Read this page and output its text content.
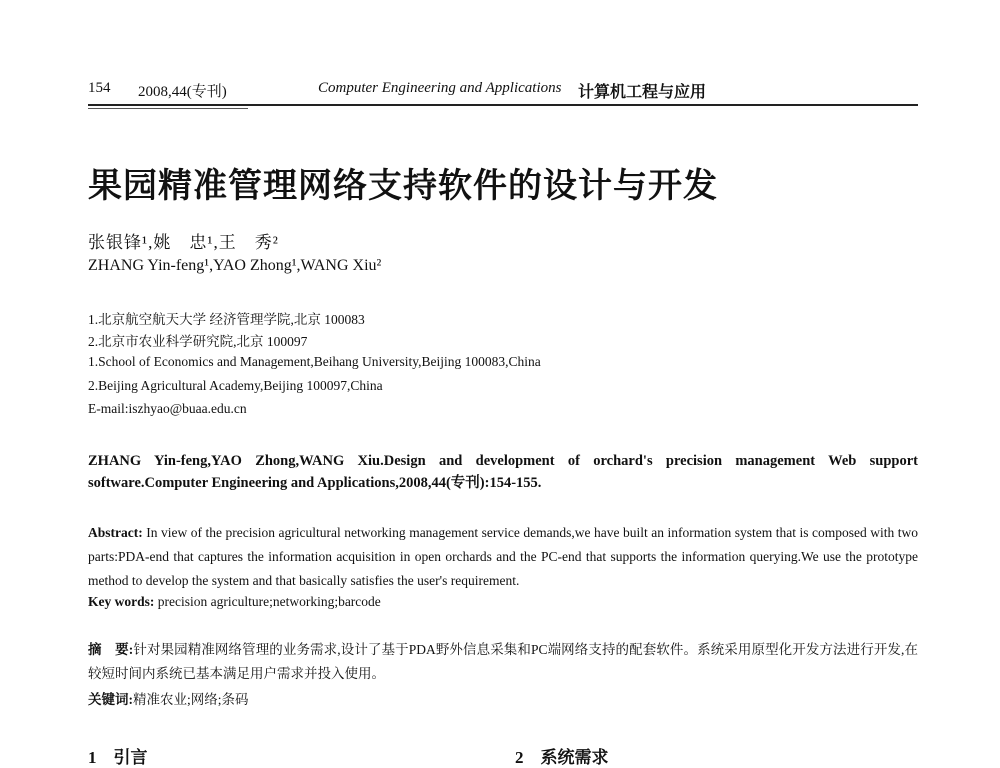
154 2008,44(专刊)	Computer Engineering and Applications 计算机工程与应用
果园精准管理网络支持软件的设计与开发
张银锋¹,姚　忠¹,王　秀²
ZHANG Yin-feng¹,YAO Zhong¹,WANG Xiu²
1.北京航空航天大学 经济管理学院,北京 100083
2.北京市农业科学研究院,北京 100097
1.School of Economics and Management,Beihang University,Beijing 100083,China
2.Beijing Agricultural Academy,Beijing 100097,China
E-mail:iszhyao@buaa.edu.cn
ZHANG Yin-feng,YAO Zhong,WANG Xiu.Design and development of orchard's precision management Web support software.Computer Engineering and Applications,2008,44(专刊):154-155.
Abstract: In view of the precision agricultural networking management service demands,we have built an information system that is composed with two parts:PDA-end that captures the information acquisition in open orchards and the PC-end that supports the information querying.We use the prototype method to develop the system and that basically satisfies the user's requirement.
Key words: precision agriculture;networking;barcode
摘　要:针对果园精准网络管理的业务需求,设计了基于PDA野外信息采集和PC端网络支持的配套软件。系统采用原型化开发方法进行开发,在较短时间内系统已基本满足用户需求并投入使用。
关键词:精准农业;网络;条码
1　引言	2　系统需求
